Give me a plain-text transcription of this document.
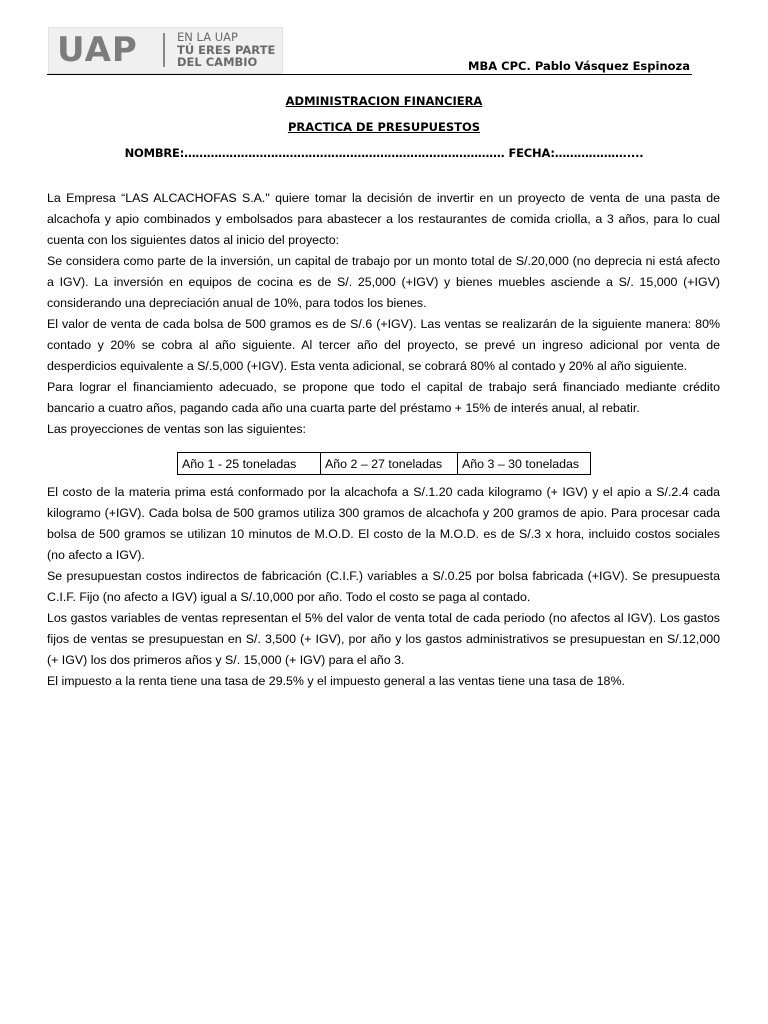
UAP	EN LA UAP
TÚ ERES PARTE
DEL CAMBIO	MBA CPC. Pablo Vásquez Espinoza
ADMINISTRACION FINANCIERA
PRACTICA DE PRESUPUESTOS
NOMBRE:…………………………………………………………………………. FECHA:……………….....

La Empresa “LAS ALCACHOFAS S.A." quiere tomar la decisión de invertir en un proyecto de venta de una pasta de alcachofa y apio combinados y embolsados para abastecer a los restaurantes de comida criolla, a 3 años, para lo cual cuenta con los siguientes datos al inicio del proyecto:

Se considera como parte de la inversión, un capital de trabajo por un monto total de S/.20,000 (no deprecia ni está afecto a IGV). La inversión en equipos de cocina es de S/. 25,000 (+IGV) y bienes muebles asciende a S/. 15,000 (+IGV) considerando una depreciación anual de 10%, para todos los bienes.

El valor de venta de cada bolsa de 500 gramos es de S/.6 (+IGV). Las ventas se realizarán de la siguiente manera: 80% contado y 20% se cobra al año siguiente. Al tercer año del proyecto, se prevé un ingreso adicional por venta de desperdicios equivalente a S/.5,000 (+IGV). Esta venta adicional, se cobrará 80% al contado y 20% al año siguiente.

Para lograr el financiamiento adecuado, se propone que todo el capital de trabajo será financiado mediante crédito bancario a cuatro años, pagando cada año una cuarta parte del préstamo + 15% de interés anual, al rebatir.

Las proyecciones de ventas son las siguientes:

Año 1 - 25 toneladas	Año 2 – 27 toneladas	Año 3 – 30 toneladas

El costo de la materia prima está conformado por la alcachofa a S/.1.20 cada kilogramo (+ IGV) y el apio a S/.2.4 cada kilogramo (+IGV). Cada bolsa de 500 gramos utiliza 300 gramos de alcachofa y 200 gramos de apio. Para procesar cada bolsa de 500 gramos se utilizan 10 minutos de M.O.D. El costo de la M.O.D. es de S/.3 x hora, incluido costos sociales (no afecto a IGV).

Se presupuestan costos indirectos de fabricación (C.I.F.) variables a S/.0.25 por bolsa fabricada (+IGV). Se presupuesta C.I.F. Fijo (no afecto a IGV) igual a S/.10,000 por año. Todo el costo se paga al contado.

Los gastos variables de ventas representan el 5% del valor de venta total de cada periodo (no afectos al IGV). Los gastos fijos de ventas se presupuestan en S/. 3,500 (+ IGV), por año y los gastos administrativos se presupuestan en S/.12,000 (+ IGV) los dos primeros años y S/. 15,000 (+ IGV) para el año 3.

El impuesto a la renta tiene una tasa de 29.5% y el impuesto general a las ventas tiene una tasa de 18%.
